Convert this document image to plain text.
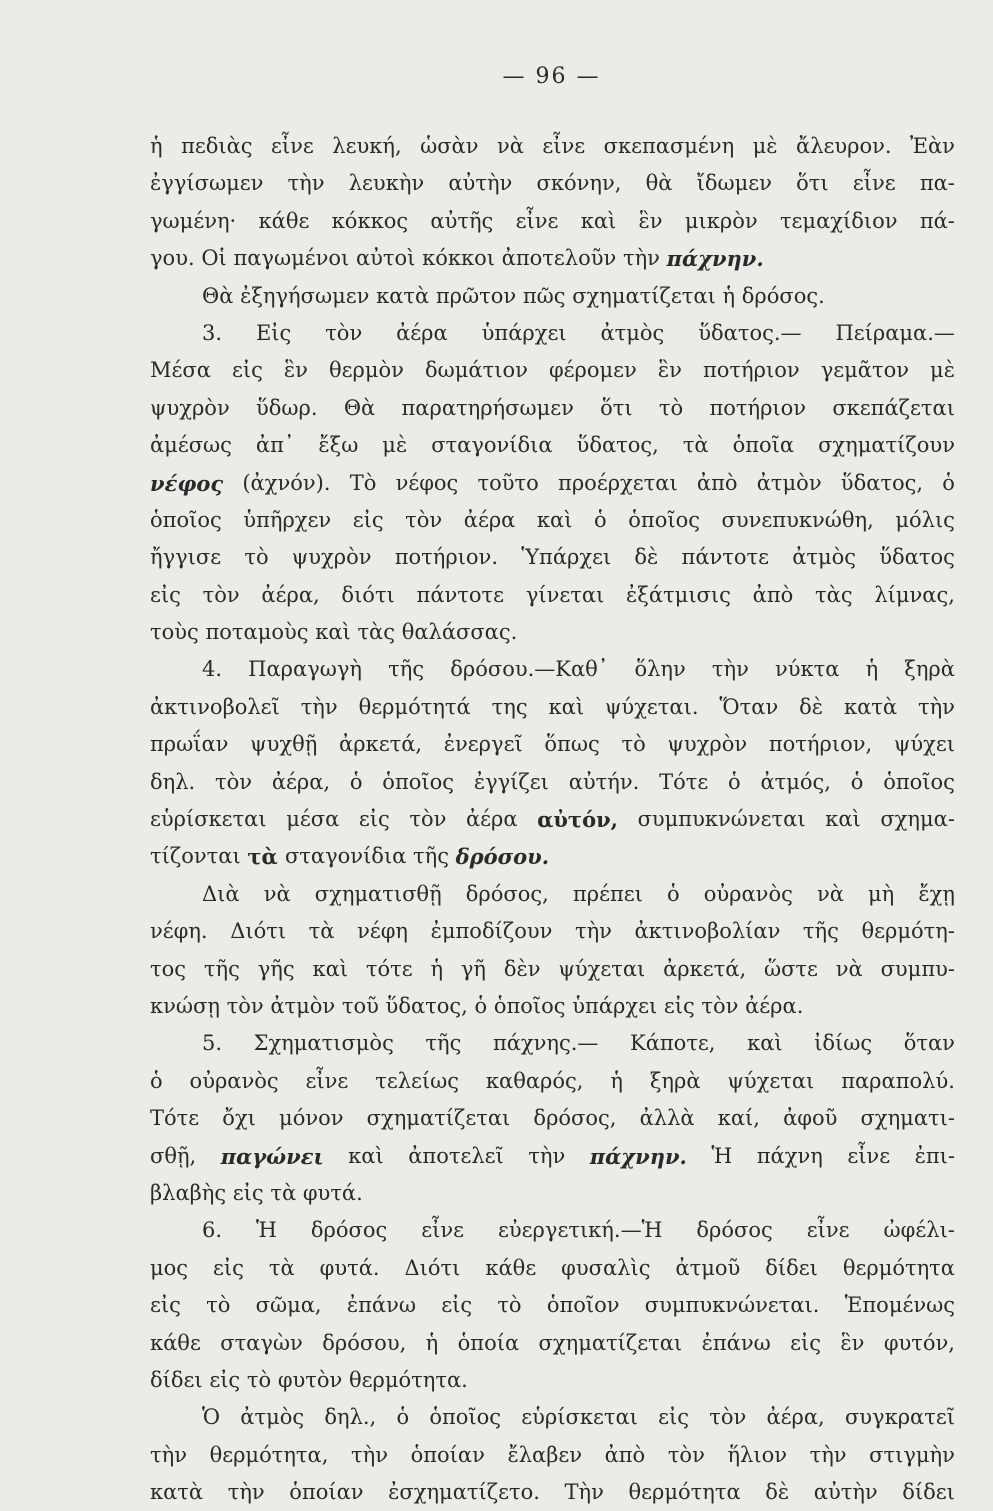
— 96 —
ἡ πεδιὰς εἶνε λευκή, ὡσὰν νὰ εἶνε σκεπασμένη μὲ ἄλευρον. Ἐὰν
ἐγγίσωμεν τὴν λευκὴν αὐτὴν σκόνην, θὰ ἴδωμεν ὅτι εἶνε πα-
γωμένη· κάθε κόκκος αὐτῆς εἶνε καὶ ἓν μικρὸν τεμαχίδιον πά-
γου. Οἱ παγωμένοι αὐτοὶ κόκκοι ἀποτελοῦν τὴν πάχνην.
Θὰ ἐξηγήσωμεν κατὰ πρῶτον πῶς σχηματίζεται ἡ δρόσος.
3. Εἰς τὸν ἀέρα ὑπάρχει ἀτμὸς ὕδατος.— Πείραμα.—
Μέσα εἰς ἓν θερμὸν δωμάτιον φέρομεν ἓν ποτήριον γεμᾶτον μὲ
ψυχρὸν ὕδωρ. Θὰ παρατηρήσωμεν ὅτι τὸ ποτήριον σκεπάζεται
ἀμέσως ἀπ᾽ ἔξω μὲ σταγονίδια ὕδατος, τὰ ὁποῖα σχηματίζουν
νέφος (ἀχνόν). Τὸ νέφος τοῦτο προέρχεται ἀπὸ ἀτμὸν ὕδατος, ὁ
ὁποῖος ὑπῆρχεν εἰς τὸν ἀέρα καὶ ὁ ὁποῖος συνεπυκνώθη, μόλις
ἤγγισε τὸ ψυχρὸν ποτήριον. Ὑπάρχει δὲ πάντοτε ἀτμὸς ὕδατος
εἰς τὸν ἀέρα, διότι πάντοτε γίνεται ἐξάτμισις ἀπὸ τὰς λίμνας,
τοὺς ποταμοὺς καὶ τὰς θαλάσσας.
4. Παραγωγὴ τῆς δρόσου.—Καθ᾽ ὅλην τὴν νύκτα ἡ ξηρὰ
ἀκτινοβολεῖ τὴν θερμότητά της καὶ ψύχεται. Ὅταν δὲ κατὰ τὴν
πρωΐαν ψυχθῇ ἀρκετά, ἐνεργεῖ ὅπως τὸ ψυχρὸν ποτήριον, ψύχει
δηλ. τὸν ἀέρα, ὁ ὁποῖος ἐγγίζει αὐτήν. Τότε ὁ ἀτμός, ὁ ὁποῖος
εὑρίσκεται μέσα εἰς τὸν ἀέρα αὐτόν, συμπυκνώνεται καὶ σχημα-
τίζονται τὰ σταγονίδια τῆς δρόσου.
Διὰ νὰ σχηματισθῇ δρόσος, πρέπει ὁ οὐρανὸς νὰ μὴ ἔχῃ
νέφη. Διότι τὰ νέφη ἐμποδίζουν τὴν ἀκτινοβολίαν τῆς θερμότη-
τος τῆς γῆς καὶ τότε ἡ γῆ δὲν ψύχεται ἀρκετά, ὥστε νὰ συμπυ-
κνώσῃ τὸν ἀτμὸν τοῦ ὕδατος, ὁ ὁποῖος ὑπάρχει εἰς τὸν ἀέρα.
5. Σχηματισμὸς τῆς πάχνης.— Κάποτε, καὶ ἰδίως ὅταν
ὁ οὐρανὸς εἶνε τελείως καθαρός, ἡ ξηρὰ ψύχεται παραπολύ.
Τότε ὄχι μόνον σχηματίζεται δρόσος, ἀλλὰ καί, ἀφοῦ σχηματι-
σθῇ, παγώνει καὶ ἀποτελεῖ τὴν πάχνην. Ἡ πάχνη εἶνε ἐπι-
βλαβὴς εἰς τὰ φυτά.
6. Ἡ δρόσος εἶνε εὐεργετική.—Ἡ δρόσος εἶνε ὠφέλι-
μος εἰς τὰ φυτά. Διότι κάθε φυσαλὶς ἀτμοῦ δίδει θερμότητα
εἰς τὸ σῶμα, ἐπάνω εἰς τὸ ὁποῖον συμπυκνώνεται. Ἑπομένως
κάθε σταγὼν δρόσου, ἡ ὁποία σχηματίζεται ἐπάνω εἰς ἓν φυτόν,
δίδει εἰς τὸ φυτὸν θερμότητα.
Ὁ ἀτμὸς δηλ., ὁ ὁποῖος εὑρίσκεται εἰς τὸν ἀέρα, συγκρατεῖ
τὴν θερμότητα, τὴν ὁποίαν ἔλαβεν ἀπὸ τὸν ἥλιον τὴν στιγμὴν
κατὰ τὴν ὁποίαν ἐσχηματίζετο. Τὴν θερμότητα δὲ αὐτὴν δίδει
